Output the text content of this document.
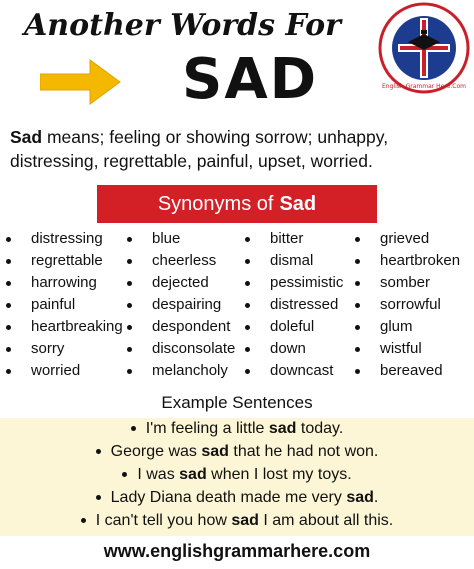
Another Words For
SAD	English Grammar Here.Com
Sad means; feeling or showing sorrow; unhappy, distressing, regrettable, painful, upset, worried.
Synonyms of Sad
distressing
regrettable
harrowing
painful
heartbreaking
sorry
worried
blue
cheerless
dejected
despairing
despondent
disconsolate
melancholy
bitter
dismal
pessimistic
distressed
doleful
down
downcast
grieved
heartbroken
somber
sorrowful
glum
wistful
bereaved
Example Sentences
I'm feeling a little sad today.
George was sad that he had not won.
I was sad when I lost my toys.
Lady Diana death made me very sad.
I can't tell you how sad I am about all this.
www.englishgrammarhere.com
